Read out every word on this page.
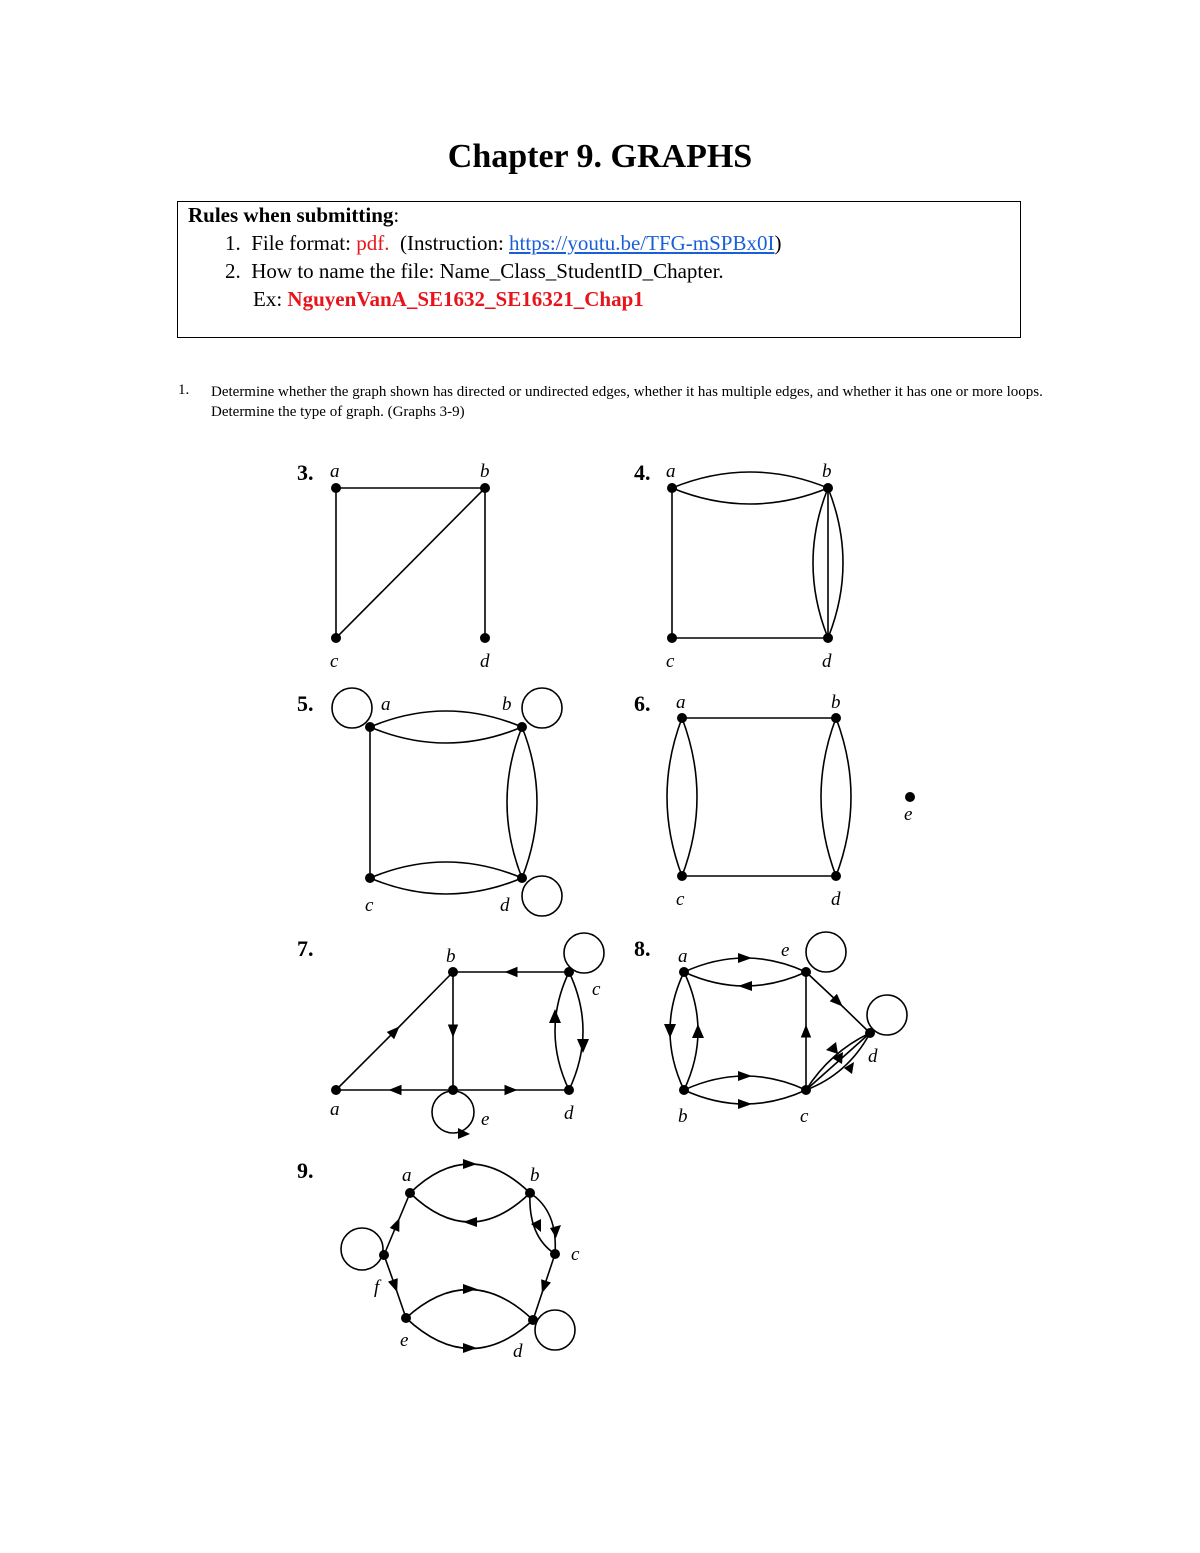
Chapter 9. GRAPHS
Rules when submitting:
1. File format: pdf.  (Instruction: https://youtu.be/TFG-mSPBx0I)
2. How to name the file: Name_Class_StudentID_Chapter.
Ex: NguyenVanA_SE1632_SE16321_Chap1
1. Determine whether the graph shown has directed or undirected edges, whether it has multiple edges, and whether it has one or more loops. Determine the type of graph. (Graphs 3-9)
3. a	b
c	d
4. a	b
c	d
5.	a	b
c	d
6. a	b
c	d
e
7.
a
b
c
d
e
8. a
b	c
d
e
9.	a	b
c
d
e
f
